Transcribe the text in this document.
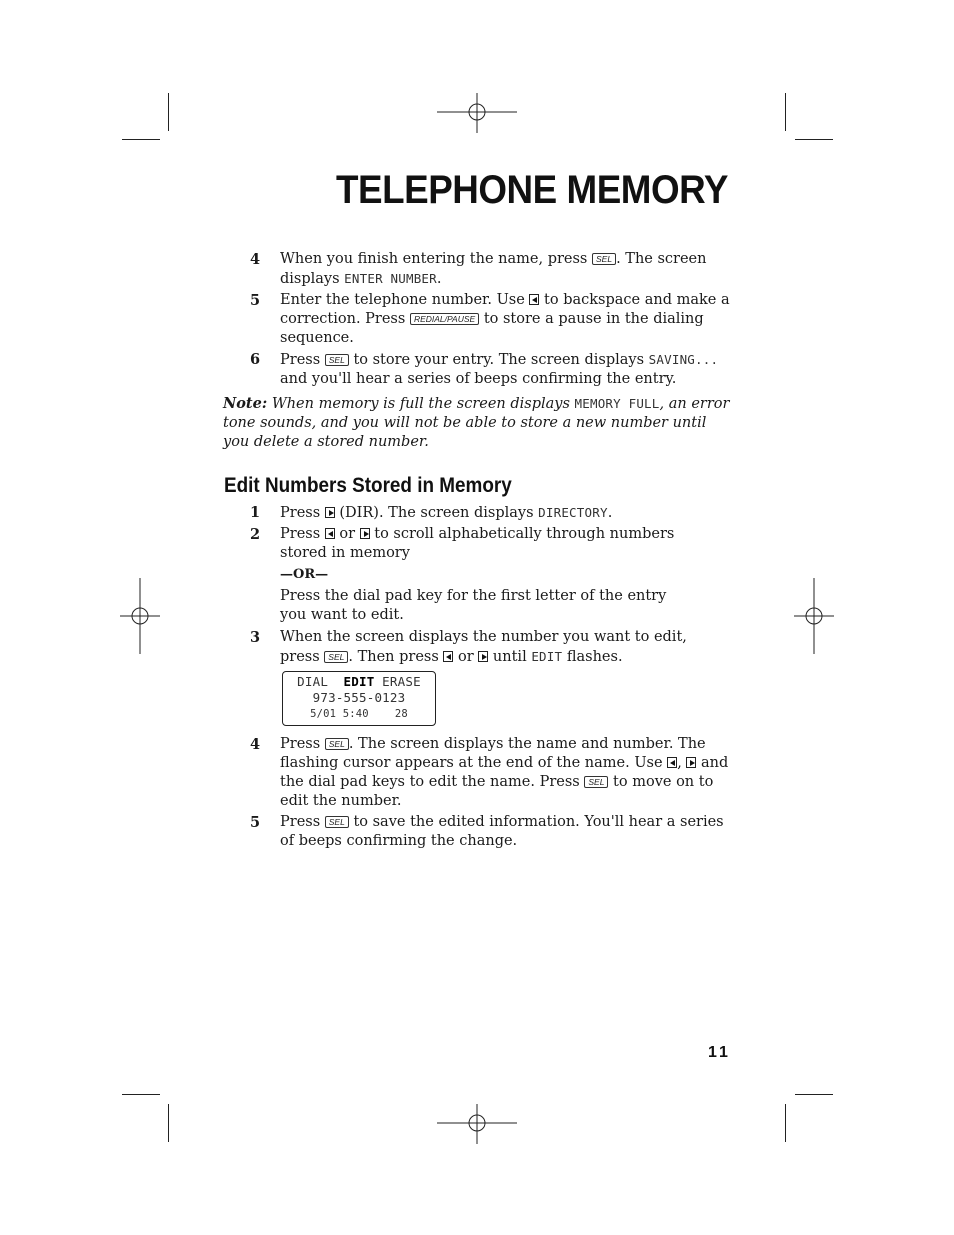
TELEPHONE MEMORY
4 When you finish entering the name, press SEL . The screen displays ENTER NUMBER.
5 Enter the telephone number. Use to backspace and make a correction. Press REDIAL/PAUSE to store a pause in the dialing sequence.
6 Press SEL to store your entry. The screen displays SAVING... and you'll hear a series of beeps confirming the entry.
Note: When memory is full the screen displays MEMORY FULL, an error tone sounds, and you will not be able to store a new number until you delete a stored number.
Edit Numbers Stored in Memory
1 Press (DIR). The screen displays DIRECTORY.
2 Press or to scroll alphabetically through numbers stored in memory
—OR—
Press the dial pad key for the first letter of the entry you want to edit.
3 When the screen displays the number you want to edit, press SEL . Then press or until EDIT flashes.
DIAL EDIT ERASE
973-555-0123
5/01 5:40 28
4 Press SEL . The screen displays the name and number. The flashing cursor appears at the end of the name. Use , and the dial pad keys to edit the name. Press SEL to move on to edit the number.
5 Press SEL to save the edited information. You'll hear a series of beeps confirming the change.
11
